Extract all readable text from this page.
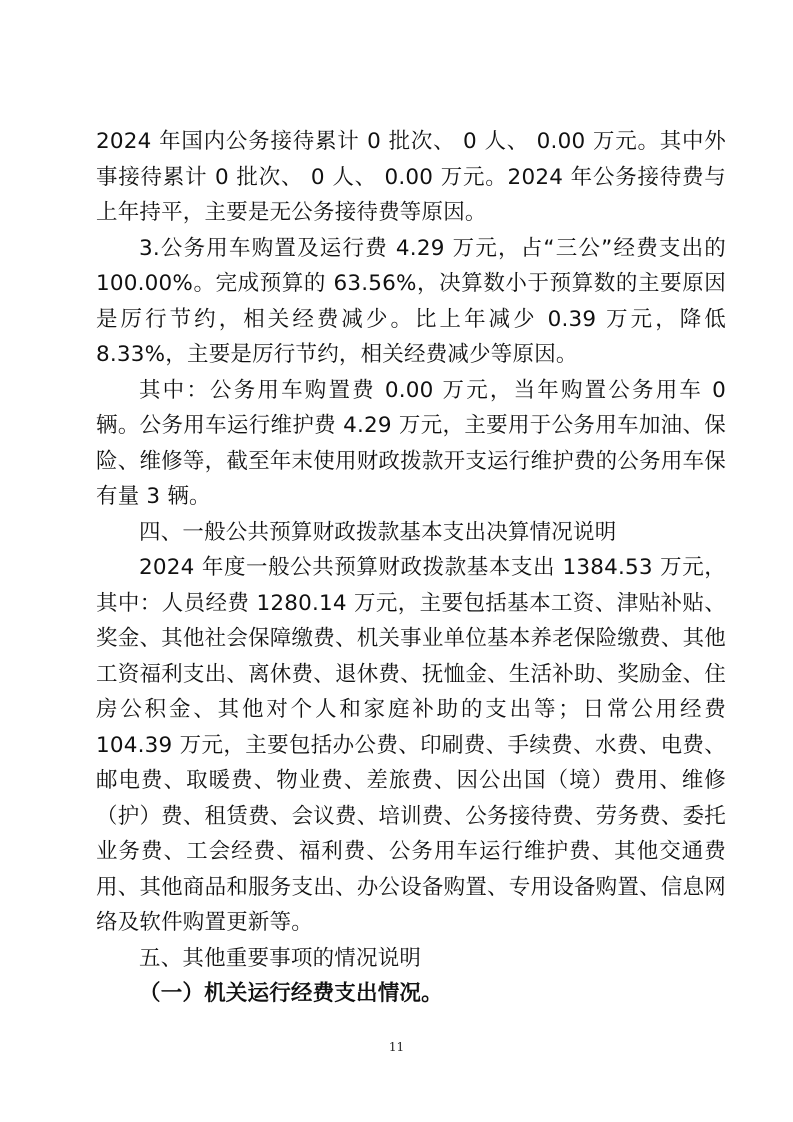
2024 年国内公务接待累计 0 批次、 0 人、 0.00 万元。其中外事接待累计 0 批次、 0 人、 0.00 万元。2024 年公务接待费与上年持平，主要是无公务接待费等原因。

3.公务用车购置及运行费 4.29 万元，占“三公”经费支出的 100.00%。完成预算的 63.56%，决算数小于预算数的主要原因是厉行节约，相关经费减少。比上年减少 0.39 万元，降低 8.33%，主要是厉行节约，相关经费减少等原因。

其中：公务用车购置费 0.00 万元，当年购置公务用车 0 辆。公务用车运行维护费 4.29 万元，主要用于公务用车加油、保险、维修等，截至年末使用财政拨款开支运行维护费的公务用车保有量 3 辆。

四、一般公共预算财政拨款基本支出决算情况说明

2024 年度一般公共预算财政拨款基本支出 1384.53 万元，其中：人员经费 1280.14 万元，主要包括基本工资、津贴补贴、奖金、其他社会保障缴费、机关事业单位基本养老保险缴费、其他工资福利支出、离休费、退休费、抚恤金、生活补助、奖励金、住房公积金、其他对个人和家庭补助的支出等；日常公用经费 104.39 万元，主要包括办公费、印刷费、手续费、水费、电费、邮电费、取暖费、物业费、差旅费、因公出国（境）费用、维修（护）费、租赁费、会议费、培训费、公务接待费、劳务费、委托业务费、工会经费、福利费、公务用车运行维护费、其他交通费用、其他商品和服务支出、办公设备购置、专用设备购置、信息网络及软件购置更新等。

五、其他重要事项的情况说明

（一）机关运行经费支出情况。

11
